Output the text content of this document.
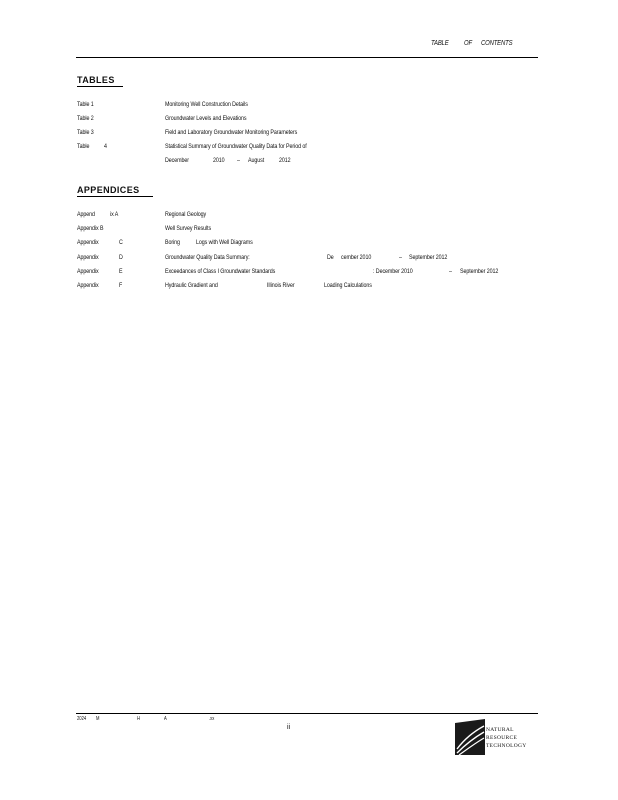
TABLE OF CONTENTS
TABLES
Table 1	Monitoring Well Construction Details
Table 2	Groundwater Levels and Elevations
Table 3	Field and Laboratory Groundwater Monitoring Parameters
Table 4	Statistical Summary of Groundwater Quality Data for Period of
December	2010 – August 2012
APPENDICES
Append ix A	Regional Geology
Appendix B	Well Survey Results
Appendix	C	Boring Logs with Well Diagrams
Appendix	D	Groundwater Quality Data Summary:	De cember 2010	– September 2012
Appendix	E	Exceedances of Class I Groundwater Standards	: December 2010	– September 2012
Appendix	F	Hydraulic Gradient and	Illinois River	Loading Calculations
2024 M	H	A	.xx
ii	NATURAL
RESOURCE
TECHNOLOGY
